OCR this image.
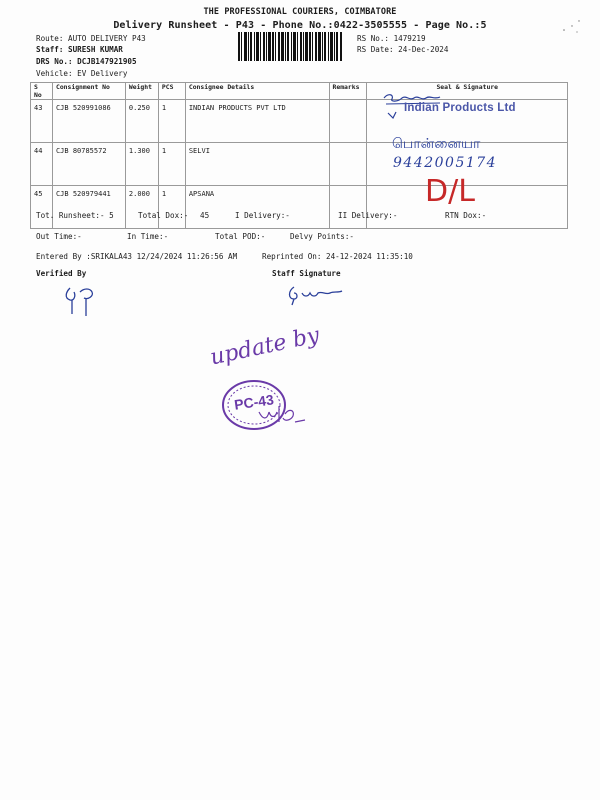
THE PROFESSIONAL COURIERS, COIMBATORE
Delivery Runsheet - P43 - Phone No.:0422-3505555 - Page No.:5
Route: AUTO DELIVERY P43
Staff: SURESH KUMAR
DRS No.: DCJB147921905
Vehicle: EV Delivery
RS No.: 1479219
RS Date: 24-Dec-2024
S No	Consignment No	Weight	PCS	Consignee Details	Remarks	Seal & Signature
43	CJB 520991086	0.250	1	INDIAN PRODUCTS PVT LTD		
44	CJB 80785572	1.300	1	SELVI		
45	CJB 520979441	2.000	1	APSANA		
Indian Products Ltd
பொன்னையா
9442005174
D/L
Tot. Runsheet:- 5	Total Dox:- 45	I Delivery:-	II Delivery:-	RTN Dox:-
Out Time:-	In Time:-	Total POD:-	Delvy Points:-
Entered By :SRIKALA43 12/24/2024 11:26:56 AM	Reprinted On: 24-12-2024 11:35:10
Verified By	Staff Signature
update by
PC-43
